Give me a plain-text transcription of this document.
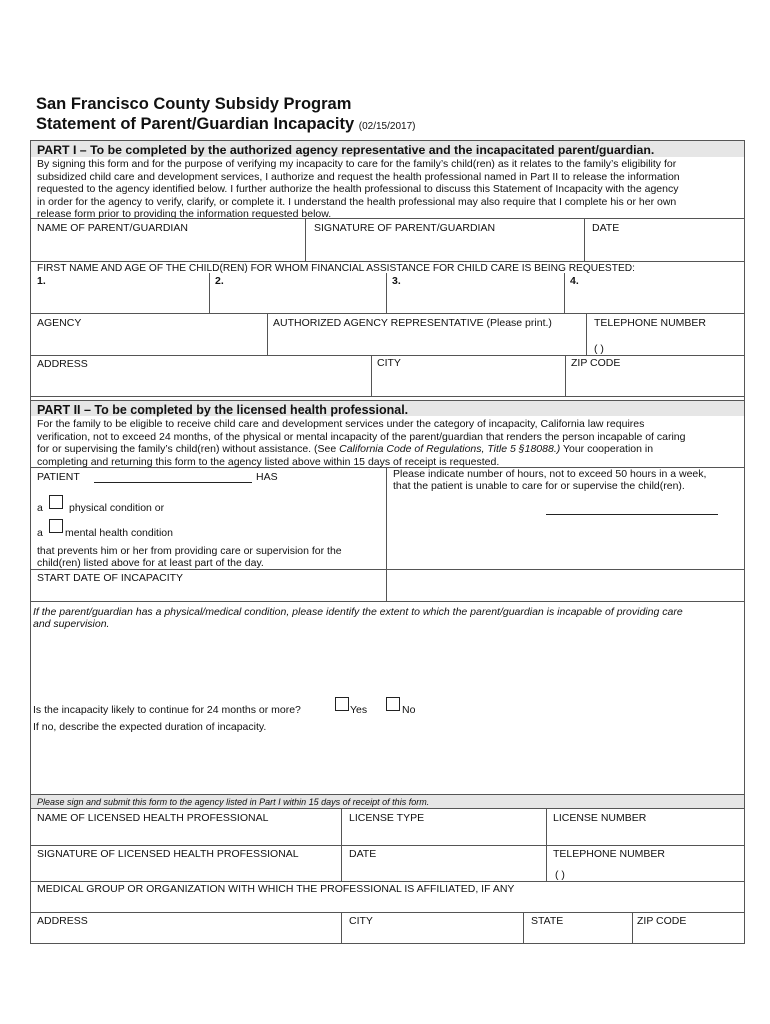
San Francisco County Subsidy Program
Statement of Parent/Guardian Incapacity (02/15/2017)
PART I – To be completed by the authorized agency representative and the incapacitated parent/guardian.
By signing this form and for the purpose of verifying my incapacity to care for the family’s child(ren) as it relates to the family’s eligibility for
subsidized child care and development services, I authorize and request the health professional named in Part II to release the information
requested to the agency identified below. I further authorize the health professional to discuss this Statement of Incapacity with the agency
in order for the agency to verify, clarify, or complete it. I understand the health professional may also require that I complete his or her own
release form prior to providing the information requested below.
NAME OF PARENT/GUARDIAN	SIGNATURE OF PARENT/GUARDIAN	DATE
FIRST NAME AND AGE OF THE CHILD(REN) FOR WHOM FINANCIAL ASSISTANCE FOR CHILD CARE IS BEING REQUESTED:
1.	2.	3.	4.
AGENCY	AUTHORIZED AGENCY REPRESENTATIVE (Please print.)	TELEPHONE NUMBER
( )
ADDRESS	CITY	ZIP CODE
PART II – To be completed by the licensed health professional.
For the family to be eligible to receive child care and development services under the category of incapacity, California law requires
verification, not to exceed 24 months, of the physical or mental incapacity of the parent/guardian that renders the person incapable of caring
for or supervising the family’s child(ren) without assistance. (See California Code of Regulations, Title 5 §18088.) Your cooperation in
completing and returning this form to the agency listed above within 15 days of receipt is requested.
PATIENT	HAS
a physical condition or
a mental health condition
that prevents him or her from providing care or supervision for the
child(ren) listed above for at least part of the day.
Please indicate number of hours, not to exceed 50 hours in a week,
that the patient is unable to care for or supervise the child(ren).
START DATE OF INCAPACITY
If the parent/guardian has a physical/medical condition, please identify the extent to which the parent/guardian is incapable of providing care
and supervision.
Is the incapacity likely to continue for 24 months or more?	Yes	No
If no, describe the expected duration of incapacity.
Please sign and submit this form to the agency listed in Part I within 15 days of receipt of this form.
NAME OF LICENSED HEALTH PROFESSIONAL	LICENSE TYPE	LICENSE NUMBER
SIGNATURE OF LICENSED HEALTH PROFESSIONAL	DATE	TELEPHONE NUMBER
( )
MEDICAL GROUP OR ORGANIZATION WITH WHICH THE PROFESSIONAL IS AFFILIATED, IF ANY
ADDRESS	CITY	STATE	ZIP CODE
